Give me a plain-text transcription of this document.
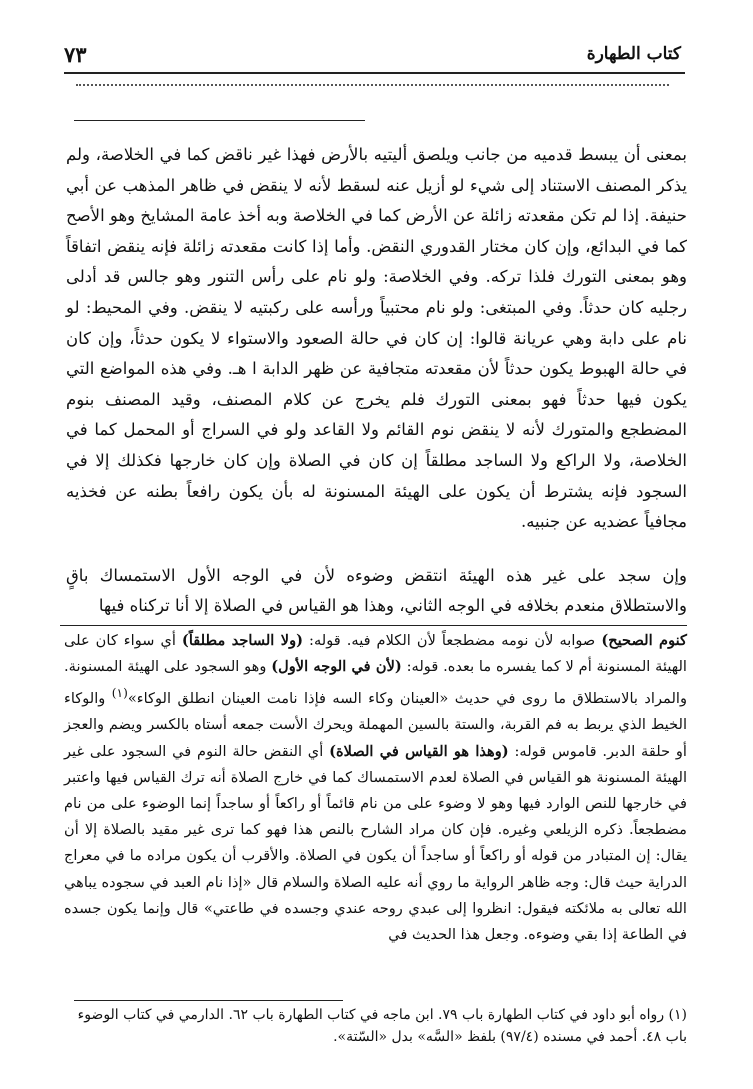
كتاب الطهارة
٧٣

بمعنى أن يبسط قدميه من جانب ويلصق أليتيه بالأرض فهذا غير ناقض كما في الخلاصة، ولم يذكر المصنف الاستناد إلى شيء لو أزيل عنه لسقط لأنه لا ينقض في ظاهر المذهب عن أبي حنيفة. إذا لم تكن مقعدته زائلة عن الأرض كما في الخلاصة وبه أخذ عامة المشايخ وهو الأصح كما في البدائع، وإن كان مختار القدوري النقض. وأما إذا كانت مقعدته زائلة فإنه ينقض اتفاقاً وهو بمعنى التورك فلذا تركه. وفي الخلاصة: ولو نام على رأس التنور وهو جالس قد أدلى رجليه كان حدثاً. وفي المبتغى: ولو نام محتبياً ورأسه على ركبتيه لا ينقض. وفي المحيط: لو نام على دابة وهي عريانة قالوا: إن كان في حالة الصعود والاستواء لا يكون حدثاً، وإن كان في حالة الهبوط يكون حدثاً لأن مقعدته متجافية عن ظهر الدابة ا هـ. وفي هذه المواضع التي يكون فيها حدثاً فهو بمعنى التورك فلم يخرج عن كلام المصنف، وقيد المصنف بنوم المضطجع والمتورك لأنه لا ينقض نوم القائم ولا القاعد ولو في السراج أو المحمل كما في الخلاصة، ولا الراكع ولا الساجد مطلقاً إن كان في الصلاة وإن كان خارجها فكذلك إلا في السجود فإنه يشترط أن يكون على الهيئة المسنونة له بأن يكون رافعاً بطنه عن فخذيه مجافياً عضديه عن جنبيه.

وإن سجد على غير هذه الهيئة انتقض وضوءه لأن في الوجه الأول الاستمساك باقٍ والاستطلاق منعدم بخلافه في الوجه الثاني، وهذا هو القياس في الصلاة إلا أنا تركناه فيها

كنوم الصحيح) صوابه لأن نومه مضطجعاً لأن الكلام فيه. قوله: (ولا الساجد مطلقاً) أي سواء كان على الهيئة المسنونة أم لا كما يفسره ما بعده. قوله: (لأن في الوجه الأول) وهو السجود على الهيئة المسنونة. والمراد بالاستطلاق ما روى في حديث «العينان وكاء السه فإذا نامت العينان انطلق الوكاء»$^{(١)}$ والوكاء الخيط الذي يربط به فم القربة، والستة بالسين المهملة ويحرك الأست جمعه أستاه بالكسر ويضم والعجز أو حلقة الدبر. قاموس قوله: (وهذا هو القياس في الصلاة) أي النقض حالة النوم في السجود على غير الهيئة المسنونة هو القياس في الصلاة لعدم الاستمساك كما في خارج الصلاة أنه ترك القياس فيها واعتبر في خارجها للنص الوارد فيها وهو لا وضوء على من نام قائماً أو راكعاً أو ساجداً إنما الوضوء على من نام مضطجعاً. ذكره الزيلعي وغيره. فإن كان مراد الشارح بالنص هذا فهو كما ترى غير مقيد بالصلاة إلا أن يقال: إن المتبادر من قوله أو راكعاً أو ساجداً أن يكون في الصلاة. والأقرب أن يكون مراده ما في معراج الدراية حيث قال: وجه ظاهر الرواية ما روي أنه عليه الصلاة والسلام قال «إذا نام العبد في سجوده يباهي الله تعالى به ملائكته فيقول: انظروا إلى عبدي روحه عندي وجسده في طاعتي» قال وإنما يكون جسده في الطاعة إذا بقي وضوءه. وجعل هذا الحديث في

(١) رواه أبو داود في كتاب الطهارة باب ٧٩. ابن ماجه في كتاب الطهارة باب ٦٢. الدارمي في كتاب الوضوء باب ٤٨. أحمد في مسنده (٩٧/٤) بلفظ «السَّه» بدل «السّتة».
